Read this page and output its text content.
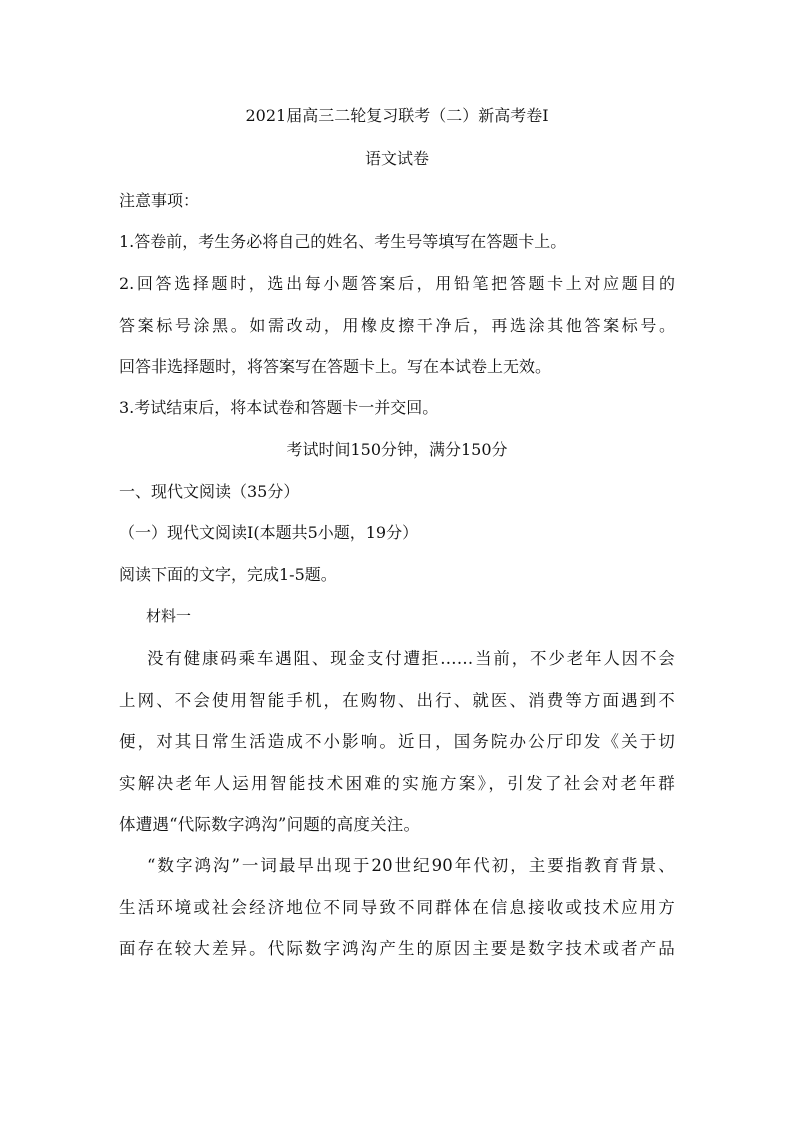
2021届高三二轮复习联考（二）新高考卷Ⅰ
语文试卷
注意事项：
1.答卷前，考生务必将自己的姓名、考生号等填写在答题卡上。
2.回答选择题时，选出每小题答案后，用铅笔把答题卡上对应题目的
答案标号涂黑。如需改动，用橡皮擦干净后，再选涂其他答案标号。
回答非选择题时，将答案写在答题卡上。写在本试卷上无效。
3.考试结束后，将本试卷和答题卡一并交回。
考试时间150分钟，满分150分
一、现代文阅读（35分）
（一）现代文阅读Ⅰ(本题共5小题，19分）
阅读下面的文字，完成1-5题。
材料一
没有健康码乘车遇阻、现金支付遭拒……当前，不少老年人因不会
上网、不会使用智能手机，在购物、出行、就医、消费等方面遇到不
便，对其日常生活造成不小影响。近日，国务院办公厅印发《关于切
实解决老年人运用智能技术困难的实施方案》，引发了社会对老年群
体遭遇“代际数字鸿沟”问题的高度关注。
“数字鸿沟”一词最早出现于20世纪90年代初，主要指教育背景、
生活环境或社会经济地位不同导致不同群体在信息接收或技术应用方
面存在较大差异。代际数字鸿沟产生的原因主要是数字技术或者产品
